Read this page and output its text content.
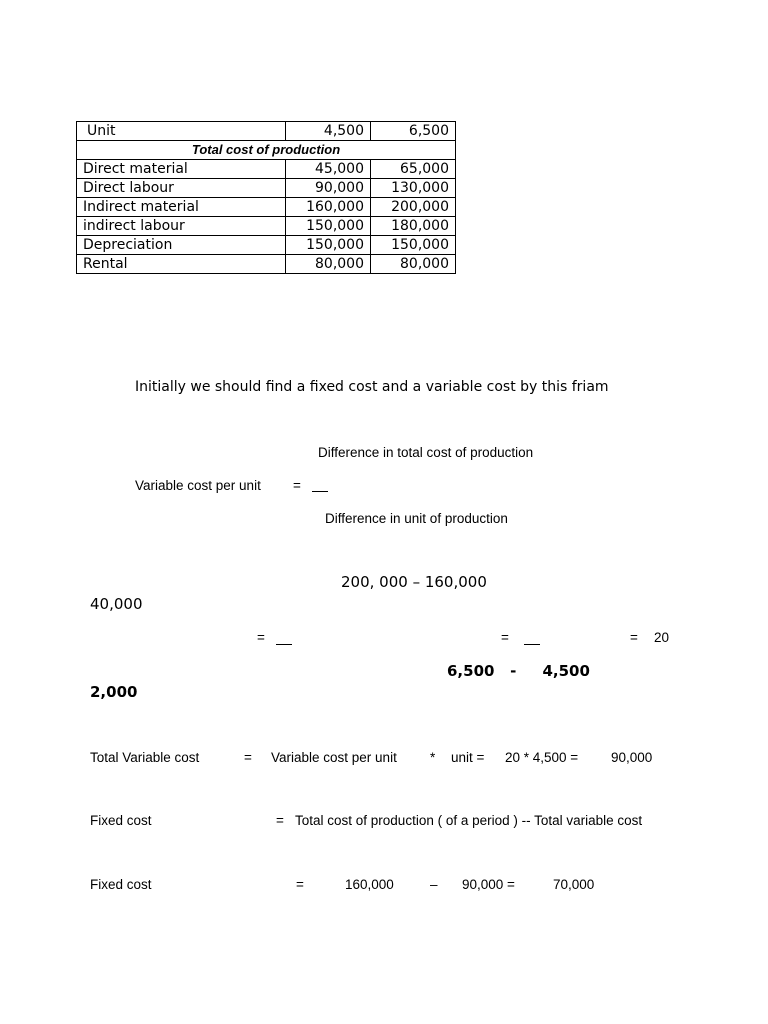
Unit	4,500	6,500
Total cost of production		
Direct material	45,000	65,000
Direct labour	90,000	130,000
Indirect material	160,000	200,000
indirect labour	150,000	180,000
Depreciation	150,000	150,000
Rental	80,000	80,000
Initially we should find a fixed cost and a variable cost by this friam
Difference in total cost of production
Variable cost per unit =
Difference in unit of production
200, 000 – 160,000
40,000
=	=	= 20
6,500   -     4,500
2,000
Total Variable cost	= Variable cost per unit * unit = 20 * 4,500 = 90,000
Fixed cost	= Total cost of production ( of a period ) -- Total variable cost
Fixed cost	=	160,000	– 90,000 =	70,000
